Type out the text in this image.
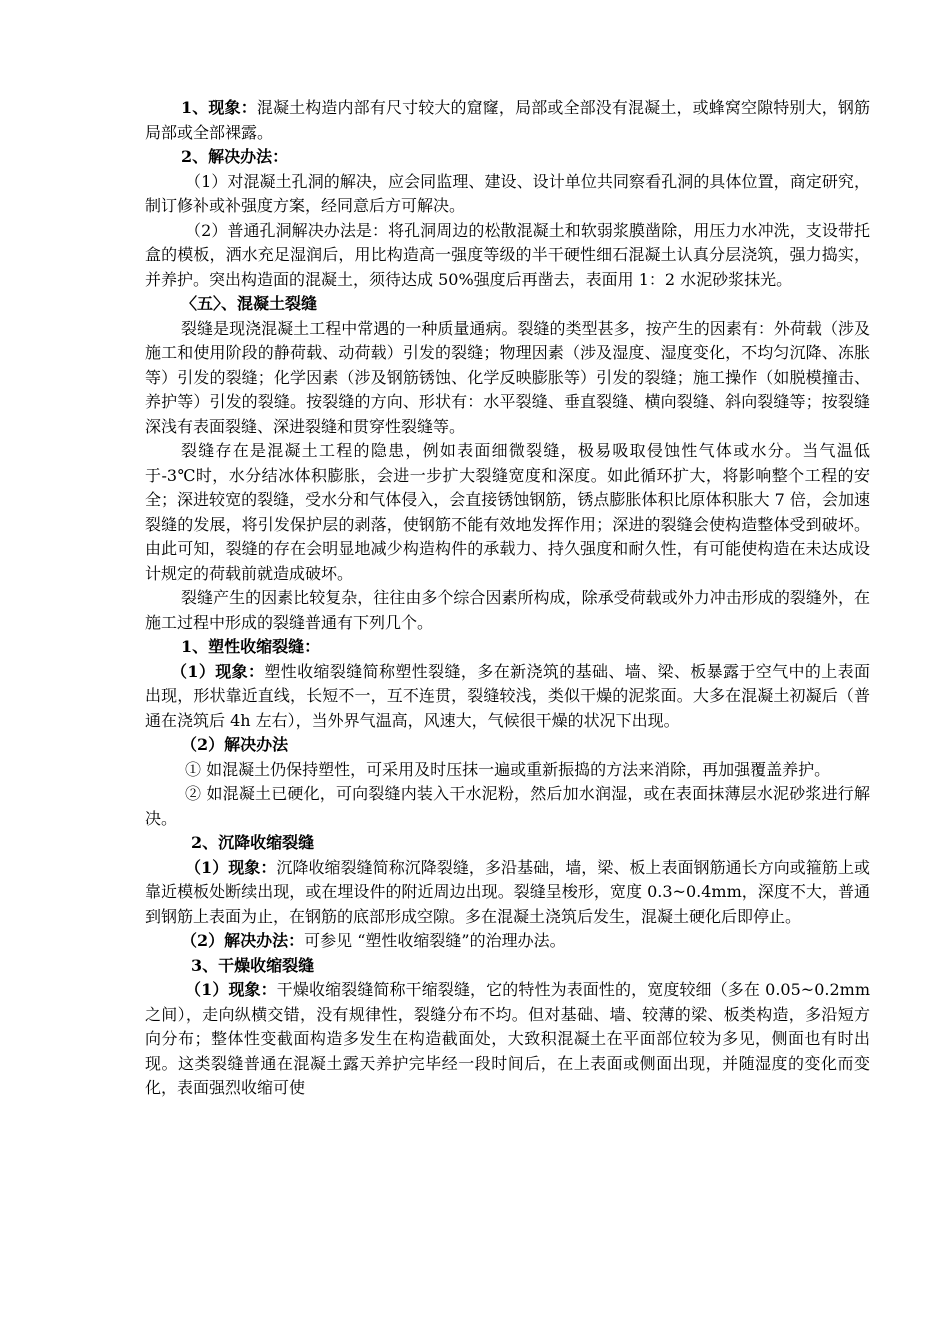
1、现象：混凝土构造内部有尺寸较大的窟窿，局部或全部没有混凝土，或蜂窝空隙特别大，钢筋局部或全部裸露。

2、解决办法：

（1）对混凝土孔洞的解决，应会同监理、建设、设计单位共同察看孔洞的具体位置，商定研究，制订修补或补强度方案，经同意后方可解决。

（2）普通孔洞解决办法是：将孔洞周边的松散混凝土和软弱浆膜凿除，用压力水冲洗，支设带托盒的模板，洒水充足湿润后，用比构造高一强度等级的半干硬性细石混凝土认真分层浇筑，强力捣实，并养护。突出构造面的混凝土，须待达成 50%强度后再凿去，表面用 1：2 水泥砂浆抹光。

〈五〉、混凝土裂缝

裂缝是现浇混凝土工程中常遇的一种质量通病。裂缝的类型甚多，按产生的因素有：外荷载（涉及施工和使用阶段的静荷载、动荷载）引发的裂缝；物理因素（涉及湿度、湿度变化，不均匀沉降、冻胀等）引发的裂缝；化学因素（涉及钢筋锈蚀、化学反映膨胀等）引发的裂缝；施工操作（如脱模撞击、养护等）引发的裂缝。按裂缝的方向、形状有：水平裂缝、垂直裂缝、横向裂缝、斜向裂缝等；按裂缝深浅有表面裂缝、深进裂缝和贯穿性裂缝等。

裂缝存在是混凝土工程的隐患，例如表面细微裂缝，极易吸取侵蚀性气体或水分。当气温低于-3℃时，水分结冰体积膨胀，会进一步扩大裂缝宽度和深度。如此循环扩大，将影响整个工程的安全；深进较宽的裂缝，受水分和气体侵入，会直接锈蚀钢筋，锈点膨胀体积比原体积胀大 7 倍，会加速裂缝的发展，将引发保护层的剥落，使钢筋不能有效地发挥作用；深进的裂缝会使构造整体受到破坏。由此可知，裂缝的存在会明显地减少构造构件的承载力、持久强度和耐久性，有可能使构造在未达成设计规定的荷载前就造成破坏。

裂缝产生的因素比较复杂，往往由多个综合因素所构成，除承受荷载或外力冲击形成的裂缝外，在施工过程中形成的裂缝普通有下列几个。

1、塑性收缩裂缝：

（1）现象：塑性收缩裂缝简称塑性裂缝，多在新浇筑的基础、墙、梁、板暴露于空气中的上表面出现，形状靠近直线，长短不一，互不连贯，裂缝较浅，类似干燥的泥浆面。大多在混凝土初凝后（普通在浇筑后 4h 左右），当外界气温高，风速大，气候很干燥的状况下出现。

（2）解决办法

① 如混凝土仍保持塑性，可采用及时压抹一遍或重新振捣的方法来消除，再加强覆盖养护。

② 如混凝土已硬化，可向裂缝内装入干水泥粉，然后加水润湿，或在表面抹薄层水泥砂浆进行解决。

2、沉降收缩裂缝

（1）现象：沉降收缩裂缝简称沉降裂缝，多沿基础，墙，梁、板上表面钢筋通长方向或箍筋上或靠近模板处断续出现，或在埋设件的附近周边出现。裂缝呈梭形，宽度 0.3~0.4mm，深度不大，普通到钢筋上表面为止，在钢筋的底部形成空隙。多在混凝土浇筑后发生，混凝土硬化后即停止。

（2）解决办法：可参见 “塑性收缩裂缝”的治理办法。

3、干燥收缩裂缝

（1）现象：干燥收缩裂缝简称干缩裂缝，它的特性为表面性的，宽度较细（多在 0.05~0.2mm 之间），走向纵横交错，没有规律性，裂缝分布不均。但对基础、墙、较薄的梁、板类构造，多沿短方向分布；整体性变截面构造多发生在构造截面处，大致积混凝土在平面部位较为多见，侧面也有时出现。这类裂缝普通在混凝土露天养护完毕经一段时间后，在上表面或侧面出现，并随湿度的变化而变化，表面强烈收缩可使
